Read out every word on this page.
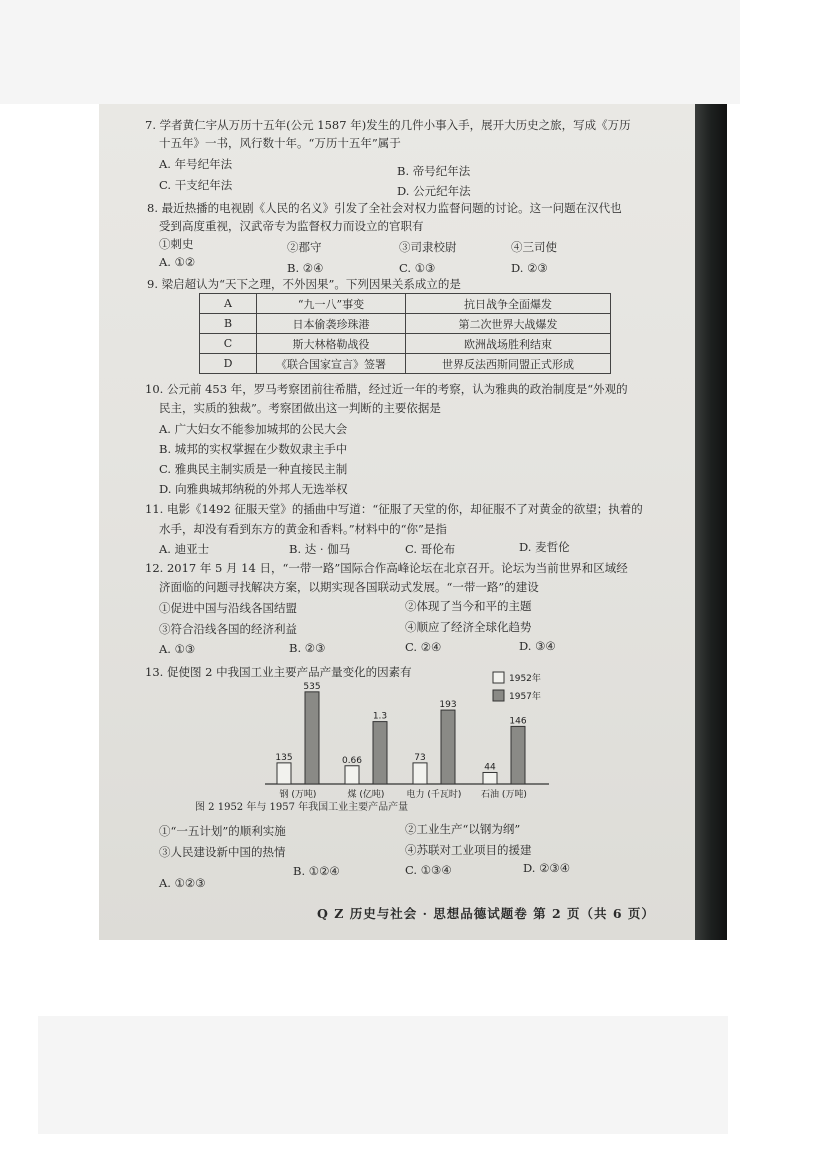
7. 学者黄仁宇从万历十五年(公元 1587 年)发生的几件小事入手，展开大历史之旅，写成《万历
十五年》一书，风行数十年。“万历十五年”属于
A. 年号纪年法	B. 帝号纪年法
C. 干支纪年法	D. 公元纪年法
8. 最近热播的电视剧《人民的名义》引发了全社会对权力监督问题的讨论。这一问题在汉代也
受到高度重视，汉武帝专为监督权力而设立的官职有
①刺史	②郡守	③司隶校尉	④三司使
A. ①②	B. ②④	C. ①③	D. ②③
9. 梁启超认为“天下之理，不外因果”。下列因果关系成立的是
A	“九一八”事变	抗日战争全面爆发
B	日本偷袭珍珠港	第二次世界大战爆发
C	斯大林格勒战役	欧洲战场胜利结束
D	《联合国家宣言》签署	世界反法西斯同盟正式形成
10. 公元前 453 年，罗马考察团前往希腊，经过近一年的考察，认为雅典的政治制度是“外观的
民主，实质的独裁”。考察团做出这一判断的主要依据是
A. 广大妇女不能参加城邦的公民大会
B. 城邦的实权掌握在少数奴隶主手中
C. 雅典民主制实质是一种直接民主制
D. 向雅典城邦纳税的外邦人无选举权
11. 电影《1492 征服天堂》的插曲中写道：“征服了天堂的你，却征服不了对黄金的欲望；执着的
水手，却没有看到东方的黄金和香料。”材料中的“你”是指
A. 迪亚士	B. 达 · 伽马	C. 哥伦布	D. 麦哲伦
12. 2017 年 5 月 14 日，“一带一路”国际合作高峰论坛在北京召开。论坛为当前世界和区域经
济面临的问题寻找解决方案，以期实现各国联动式发展。“一带一路”的建设
①促进中国与沿线各国结盟	②体现了当今和平的主题
③符合沿线各国的经济利益	④顺应了经济全球化趋势
A. ①③	B. ②③	C. ②④	D. ③④
13. 促使图 2 中我国工业主要产品产量变化的因素有
135
535
钢 (万吨)
0.66
1.3
煤 (亿吨)
73
193
电力 (千瓦时)
44
146
石油 (万吨)
1952年
1957年
图 2 1952 年与 1957 年我国工业主要产品产量
①“一五计划”的顺利实施	②工业生产“以钢为纲”
③人民建设新中国的热情	④苏联对工业项目的援建
A. ①②③
B. ①②④	C. ①③④	D. ②③④
Q Z 历史与社会 · 思想品德试题卷 第 2 页（共 6 页）
